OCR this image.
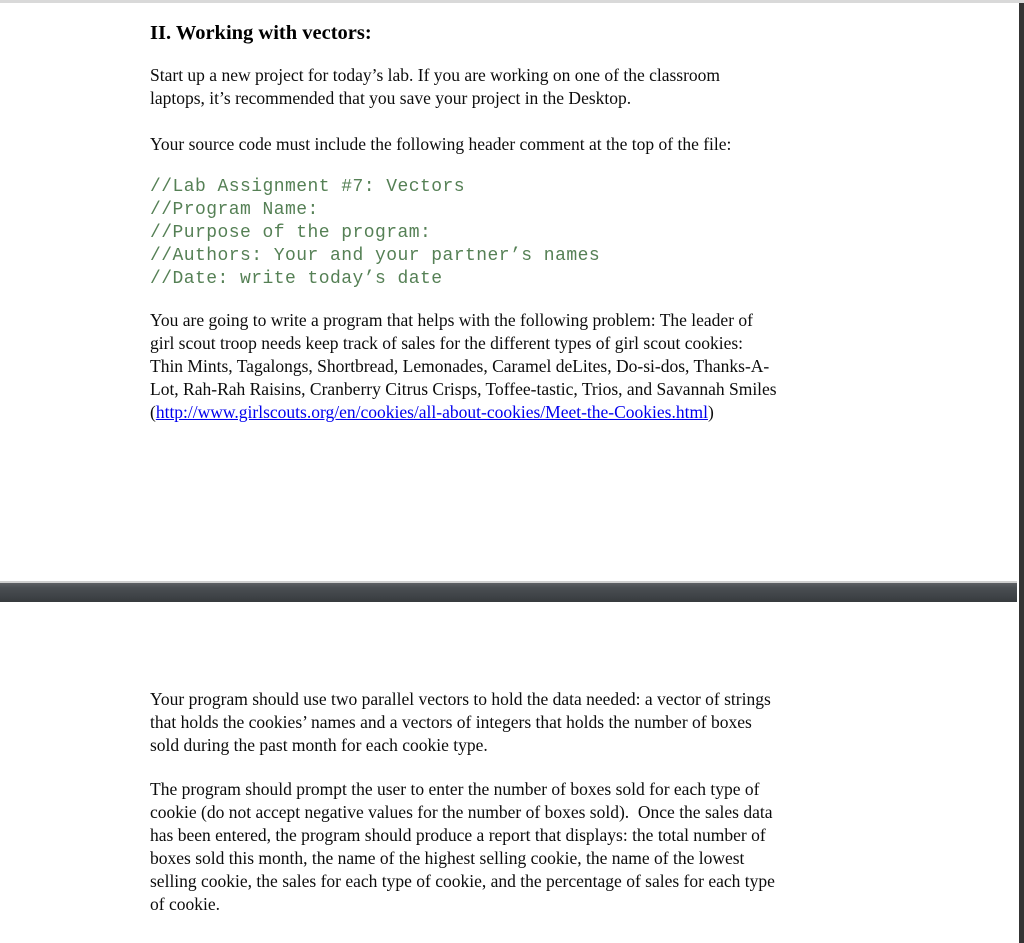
II. Working with vectors:
Start up a new project for today’s lab. If you are working on one of the classroom
laptops, it’s recommended that you save your project in the Desktop.
Your source code must include the following header comment at the top of the file:
//Lab Assignment #7: Vectors
//Program Name:
//Purpose of the program:
//Authors: Your and your partner’s names
//Date: write today’s date
You are going to write a program that helps with the following problem: The leader of
girl scout troop needs keep track of sales for the different types of girl scout cookies:
Thin Mints, Tagalongs, Shortbread, Lemonades, Caramel deLites, Do-si-dos, Thanks-A-
Lot, Rah-Rah Raisins, Cranberry Citrus Crisps, Toffee-tastic, Trios, and Savannah Smiles
(http://www.girlscouts.org/en/cookies/all-about-cookies/Meet-the-Cookies.html)
Your program should use two parallel vectors to hold the data needed: a vector of strings
that holds the cookies’ names and a vectors of integers that holds the number of boxes
sold during the past month for each cookie type.
The program should prompt the user to enter the number of boxes sold for each type of
cookie (do not accept negative values for the number of boxes sold).  Once the sales data
has been entered, the program should produce a report that displays: the total number of
boxes sold this month, the name of the highest selling cookie, the name of the lowest
selling cookie, the sales for each type of cookie, and the percentage of sales for each type
of cookie.
